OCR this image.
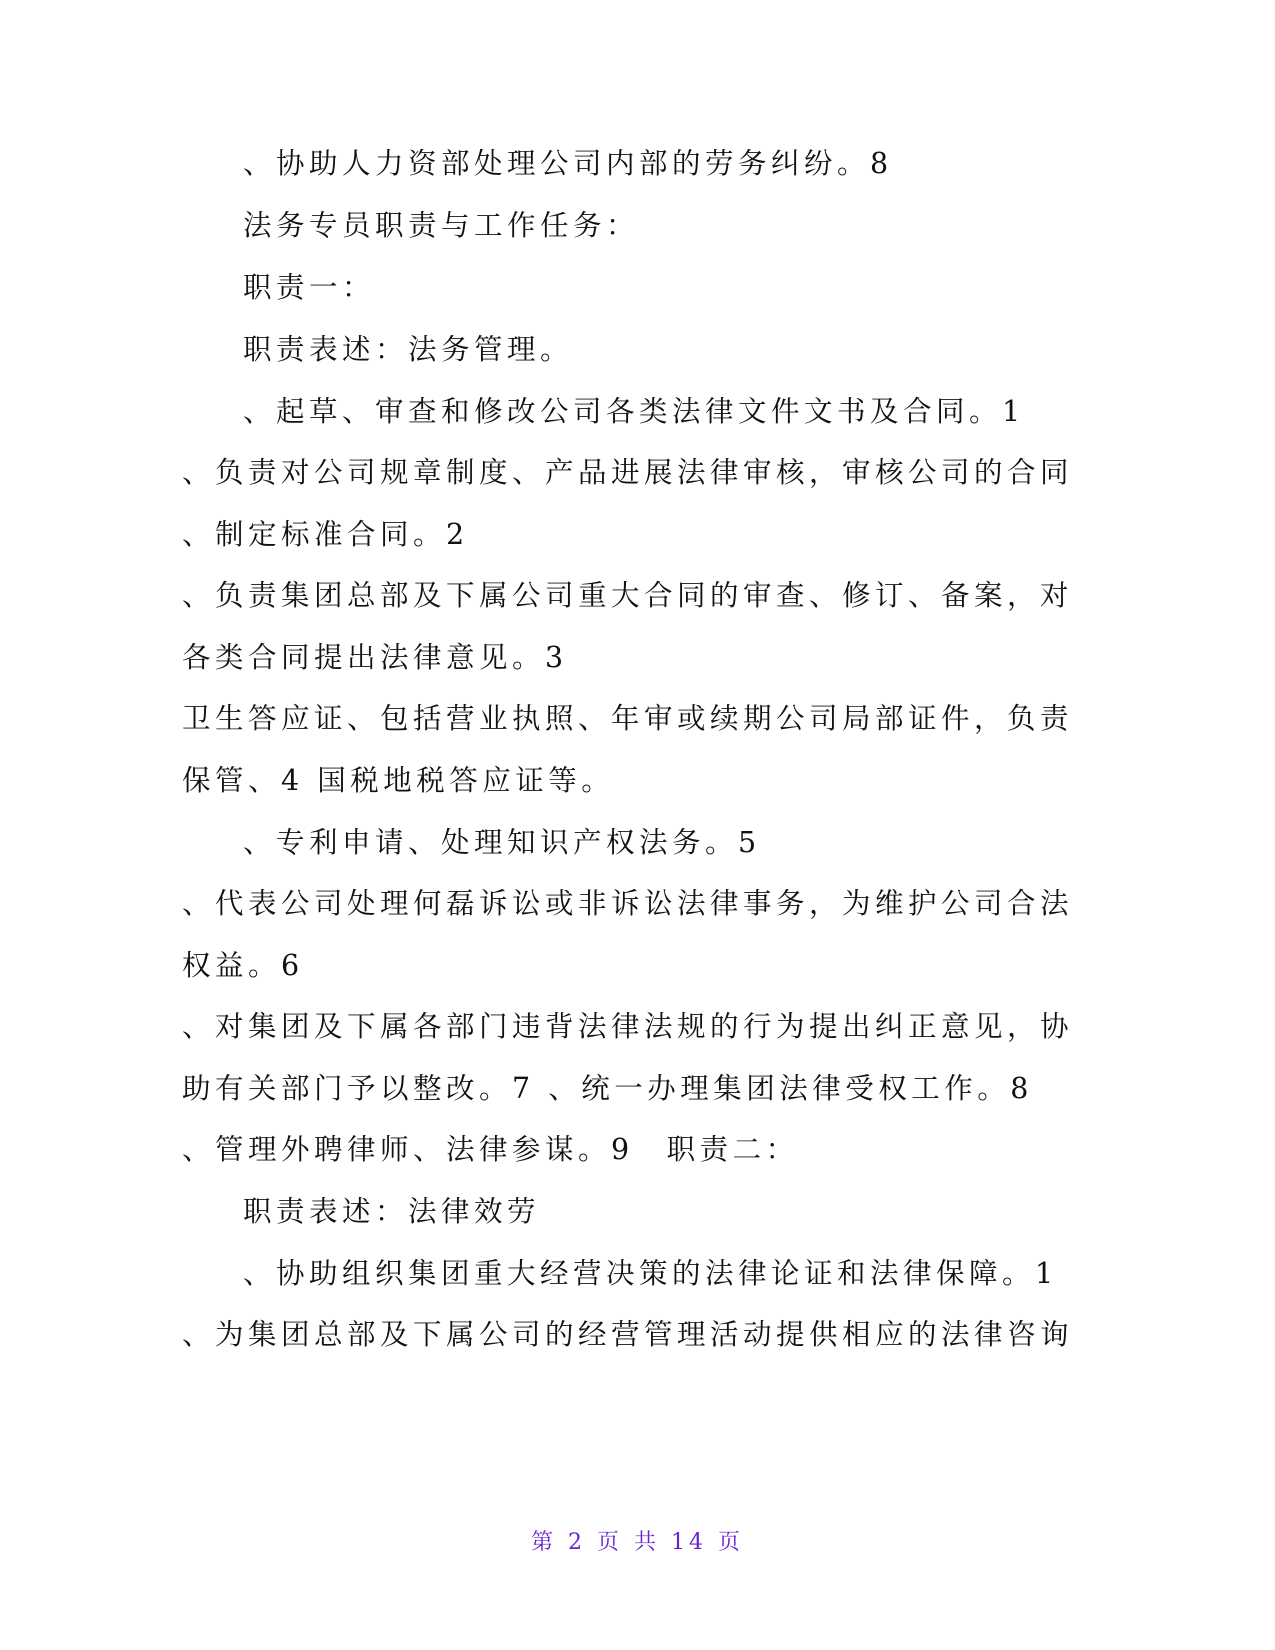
、协助人力资部处理公司内部的劳务纠纷。8
法务专员职责与工作任务：
职责一：
职责表述：法务管理。
、起草、审查和修改公司各类法律文件文书及合同。1
、负责对公司规章制度、产品进展法律审核，审核公司的合同
、制定标准合同。2
、负责集团总部及下属公司重大合同的审查、修订、备案，对
各类合同提出法律意见。3
卫生答应证、包括营业执照、年审或续期公司局部证件，负责
保管、4 国税地税答应证等。
、专利申请、处理知识产权法务。5
、代表公司处理何磊诉讼或非诉讼法律事务，为维护公司合法
权益。6
、对集团及下属各部门违背法律法规的行为提出纠正意见，协
助有关部门予以整改。7 、统一办理集团法律受权工作。8
、管理外聘律师、法律参谋。9　职责二：
职责表述：法律效劳
、协助组织集团重大经营决策的法律论证和法律保障。1
、为集团总部及下属公司的经营管理活动提供相应的法律咨询
第 2 页 共 14 页
